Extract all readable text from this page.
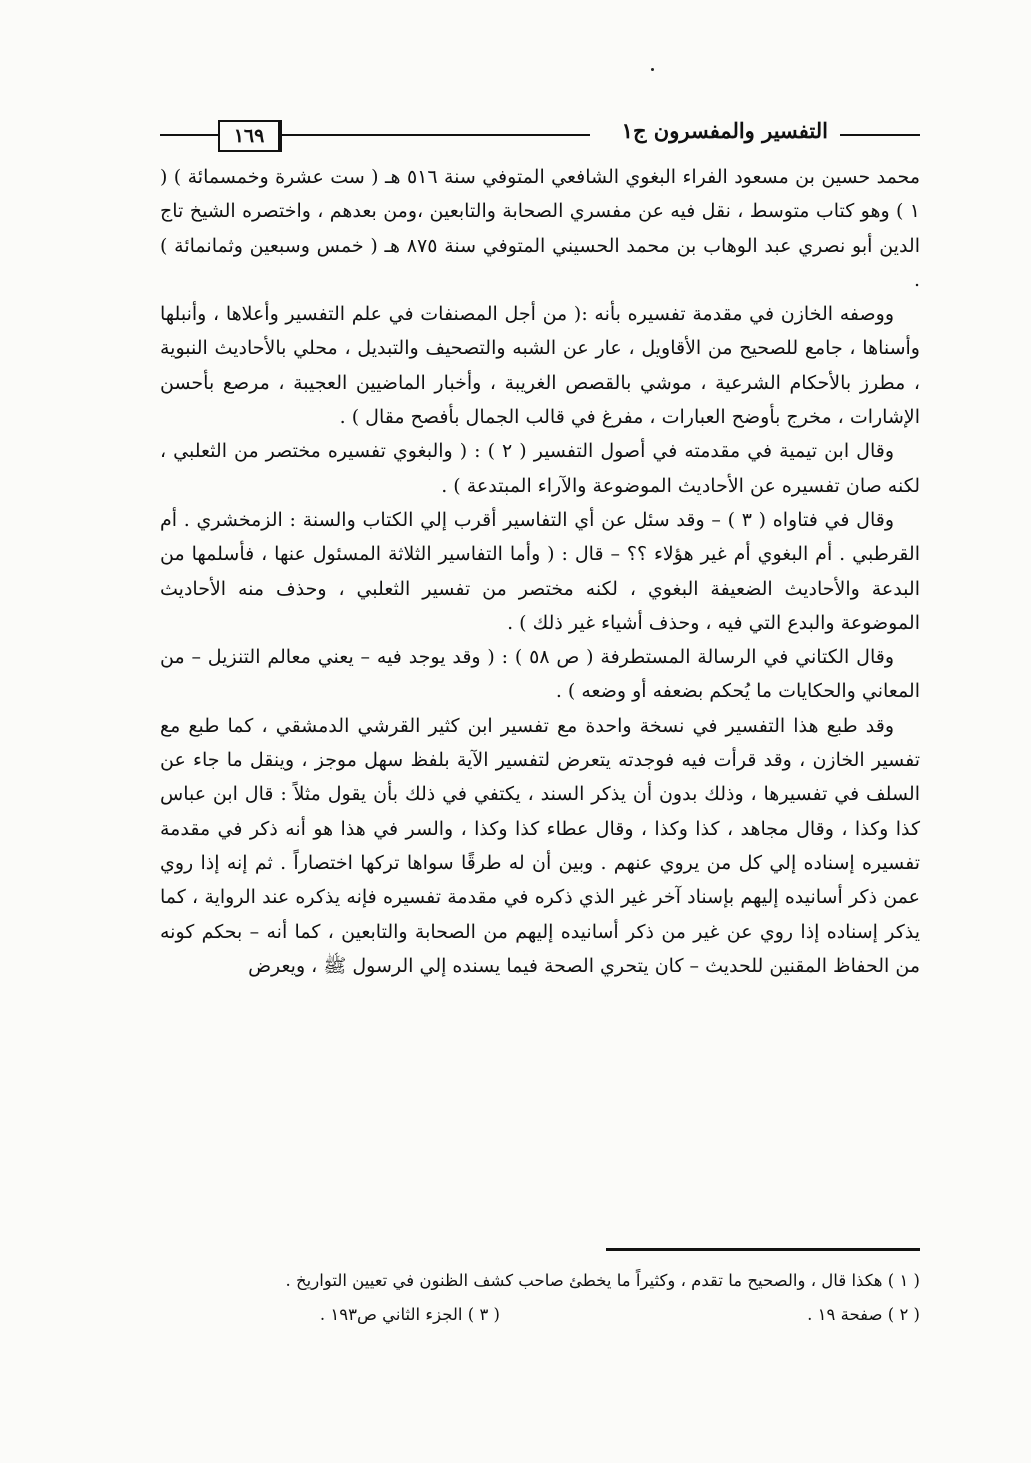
التفسير والمفسرون ج١
١٦٩

محمد حسين بن مسعود الفراء البغوي الشافعي المتوفي سنة ٥١٦ هـ ( ست عشرة وخمسمائة ) ( ١ ) وهو كتاب متوسط ، نقل فيه عن مفسري الصحابة والتابعين ،ومن بعدهم ، واختصره الشيخ تاج الدين أبو نصري عبد الوهاب بن محمد الحسيني المتوفي سنة ٨٧٥ هـ ( خمس وسبعين وثمانمائة ) .

ووصفه الخازن في مقدمة تفسيره بأنه :( من أجل المصنفات في علم التفسير وأعلاها ، وأنبلها وأسناها ، جامع للصحيح من الأقاويل ، عار عن الشبه والتصحيف والتبديل ، محلي بالأحاديث النبوية ، مطرز بالأحكام الشرعية ، موشي بالقصص الغريبة ، وأخبار الماضيين العجيبة ، مرصع بأحسن الإشارات ، مخرج بأوضح العبارات ، مفرغ في قالب الجمال بأفصح مقال ) .

وقال ابن تيمية في مقدمته في أصول التفسير ( ٢ ) : ( والبغوي تفسيره مختصر من الثعلبي ، لكنه صان تفسيره عن الأحاديث الموضوعة والآراء المبتدعة ) .

وقال في فتاواه ( ٣ ) – وقد سئل عن أي التفاسير أقرب إلي الكتاب والسنة : الزمخشري . أم القرطبي . أم البغوي أم غير هؤلاء ؟؟ – قال : ( وأما التفاسير الثلاثة المسئول عنها ، فأسلمها من البدعة والأحاديث الضعيفة البغوي ، لكنه مختصر من تفسير الثعلبي ، وحذف منه الأحاديث الموضوعة والبدع التي فيه ، وحذف أشياء غير ذلك ) .

وقال الكتاني في الرسالة المستطرفة ( ص ٥٨ ) : ( وقد يوجد فيه – يعني معالم التنزيل – من المعاني والحكايات ما يُحكم بضعفه أو وضعه ) .

وقد طبع هذا التفسير في نسخة واحدة مع تفسير ابن كثير القرشي الدمشقي ، كما طبع مع تفسير الخازن ، وقد قرأت فيه فوجدته يتعرض لتفسير الآية بلفظ سهل موجز ، وينقل ما جاء عن السلف في تفسيرها ، وذلك بدون أن يذكر السند ، يكتفي في ذلك بأن يقول مثلاً : قال ابن عباس كذا وكذا ، وقال مجاهد ، كذا وكذا ، وقال عطاء كذا وكذا ، والسر في هذا هو أنه ذكر في مقدمة تفسيره إسناده إلي كل من يروي عنهم . وبين أن له طرقًا سواها تركها اختصاراً . ثم إنه إذا روي عمن ذكر أسانيده إليهم بإسناد آخر غير الذي ذكره في مقدمة تفسيره فإنه يذكره عند الرواية ، كما يذكر إسناده إذا روي عن غير من ذكر أسانيده إليهم من الصحابة والتابعين ، كما أنه – بحكم كونه من الحفاظ المقنين للحديث – كان يتحري الصحة فيما يسنده إلي الرسول ﷺ ، ويعرض

( ١ ) هكذا قال ، والصحيح ما تقدم ، وكثيراً ما يخطئ صاحب كشف الظنون في تعيين التواريخ .

( ٢ ) صفحة ١٩ .
( ٣ ) الجزء الثاني ص١٩٣ .
